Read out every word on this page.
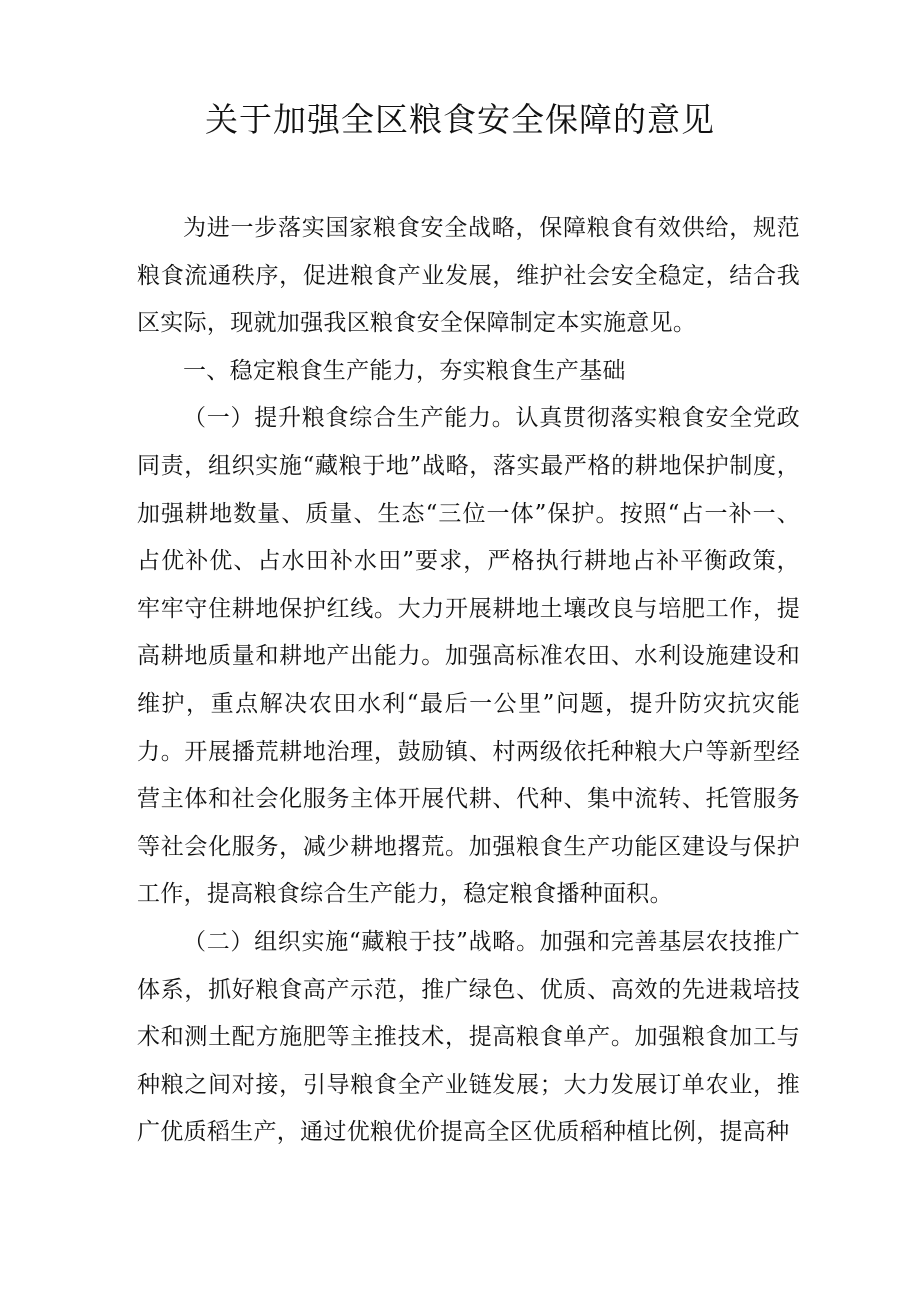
关于加强全区粮食安全保障的意见

为进一步落实国家粮食安全战略，保障粮食有效供给，规范粮食流通秩序，促进粮食产业发展，维护社会安全稳定，结合我区实际，现就加强我区粮食安全保障制定本实施意见。

一、稳定粮食生产能力，夯实粮食生产基础

（一）提升粮食综合生产能力。认真贯彻落实粮食安全党政同责，组织实施“藏粮于地”战略，落实最严格的耕地保护制度，加强耕地数量、质量、生态“三位一体”保护。按照“占一补一、占优补优、占水田补水田”要求，严格执行耕地占补平衡政策，牢牢守住耕地保护红线。大力开展耕地土壤改良与培肥工作，提高耕地质量和耕地产出能力。加强高标准农田、水利设施建设和维护，重点解决农田水利“最后一公里”问题，提升防灾抗灾能力。开展播荒耕地治理，鼓励镇、村两级依托种粮大户等新型经营主体和社会化服务主体开展代耕、代种、集中流转、托管服务等社会化服务，减少耕地撂荒。加强粮食生产功能区建设与保护工作，提高粮食综合生产能力，稳定粮食播种面积。

（二）组织实施“藏粮于技”战略。加强和完善基层农技推广体系，抓好粮食高产示范，推广绿色、优质、高效的先进栽培技术和测土配方施肥等主推技术，提高粮食单产。加强粮食加工与种粮之间对接，引导粮食全产业链发展；大力发展订单农业，推广优质稻生产，通过优粮优价提高全区优质稻种植比例，提高种
